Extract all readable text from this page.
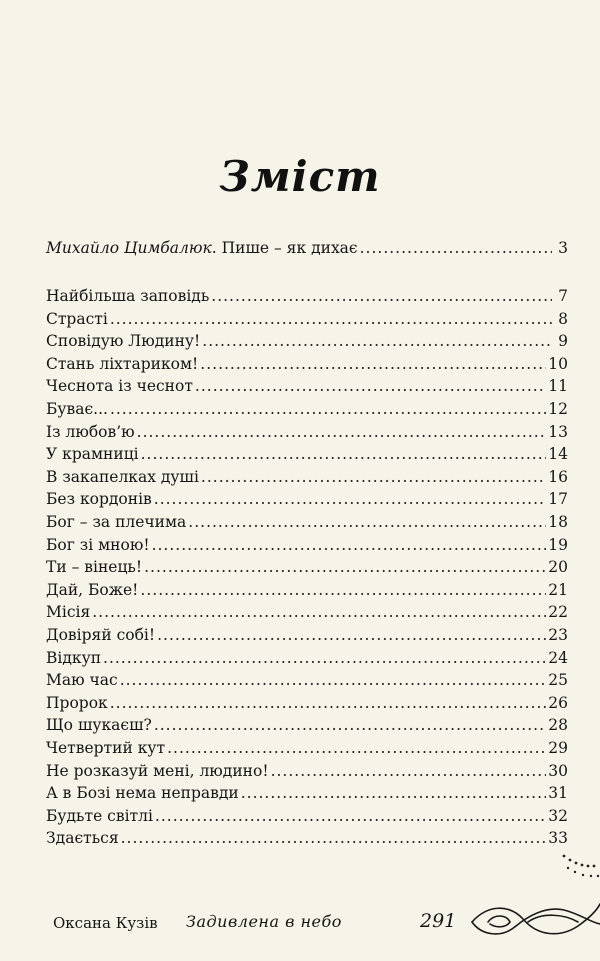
Зміст
Михайло Цимбалюк. Пише – як дихає .....	3
Найбільша заповідь .....	7
Страсті .....	8
Сповідую Людину! .....	9
Стань ліхтариком! .....	10
Чеснота із чеснот .....	11
Буває... .....	12
Із любов’ю .....	13
У крамниці .....	14
В закапелках душі .....	16
Без кордонів .....	17
Бог – за плечима .....	18
Бог зі мною! .....	19
Ти – вінець! .....	20
Дай, Боже! .....	21
Місія .....	22
Довіряй собі! .....	23
Відкуп .....	24
Маю час .....	25
Пророк .....	26
Що шукаєш? .....	28
Четвертий кут .....	29
Не розказуй мені, людино! .....	30
А в Бозі нема неправди .....	31
Будьте світлі .....	32
Здається .....	33
Оксана Кузів Задивлена в небо	291
